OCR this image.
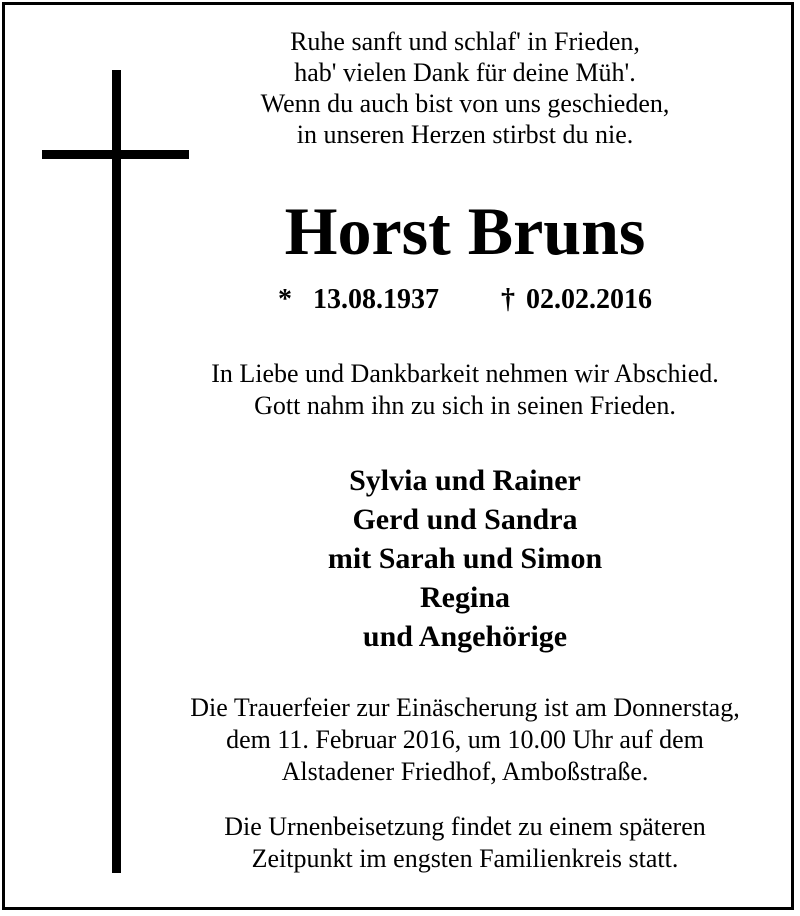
Ruhe sanft und schlaf' in Frieden,
hab' vielen Dank für deine Müh'.
Wenn du auch bist von uns geschieden,
in unseren Herzen stirbst du nie.
Horst Bruns
* 13.08.1937 † 02.02.2016
In Liebe und Dankbarkeit nehmen wir Abschied.
Gott nahm ihn zu sich in seinen Frieden.
Sylvia und Rainer
Gerd und Sandra
mit Sarah und Simon
Regina
und Angehörige
Die Trauerfeier zur Einäscherung ist am Donnerstag,
dem 11. Februar 2016, um 10.00 Uhr auf dem
Alstadener Friedhof, Amboßstraße.
Die Urnenbeisetzung findet zu einem späteren
Zeitpunkt im engsten Familienkreis statt.
